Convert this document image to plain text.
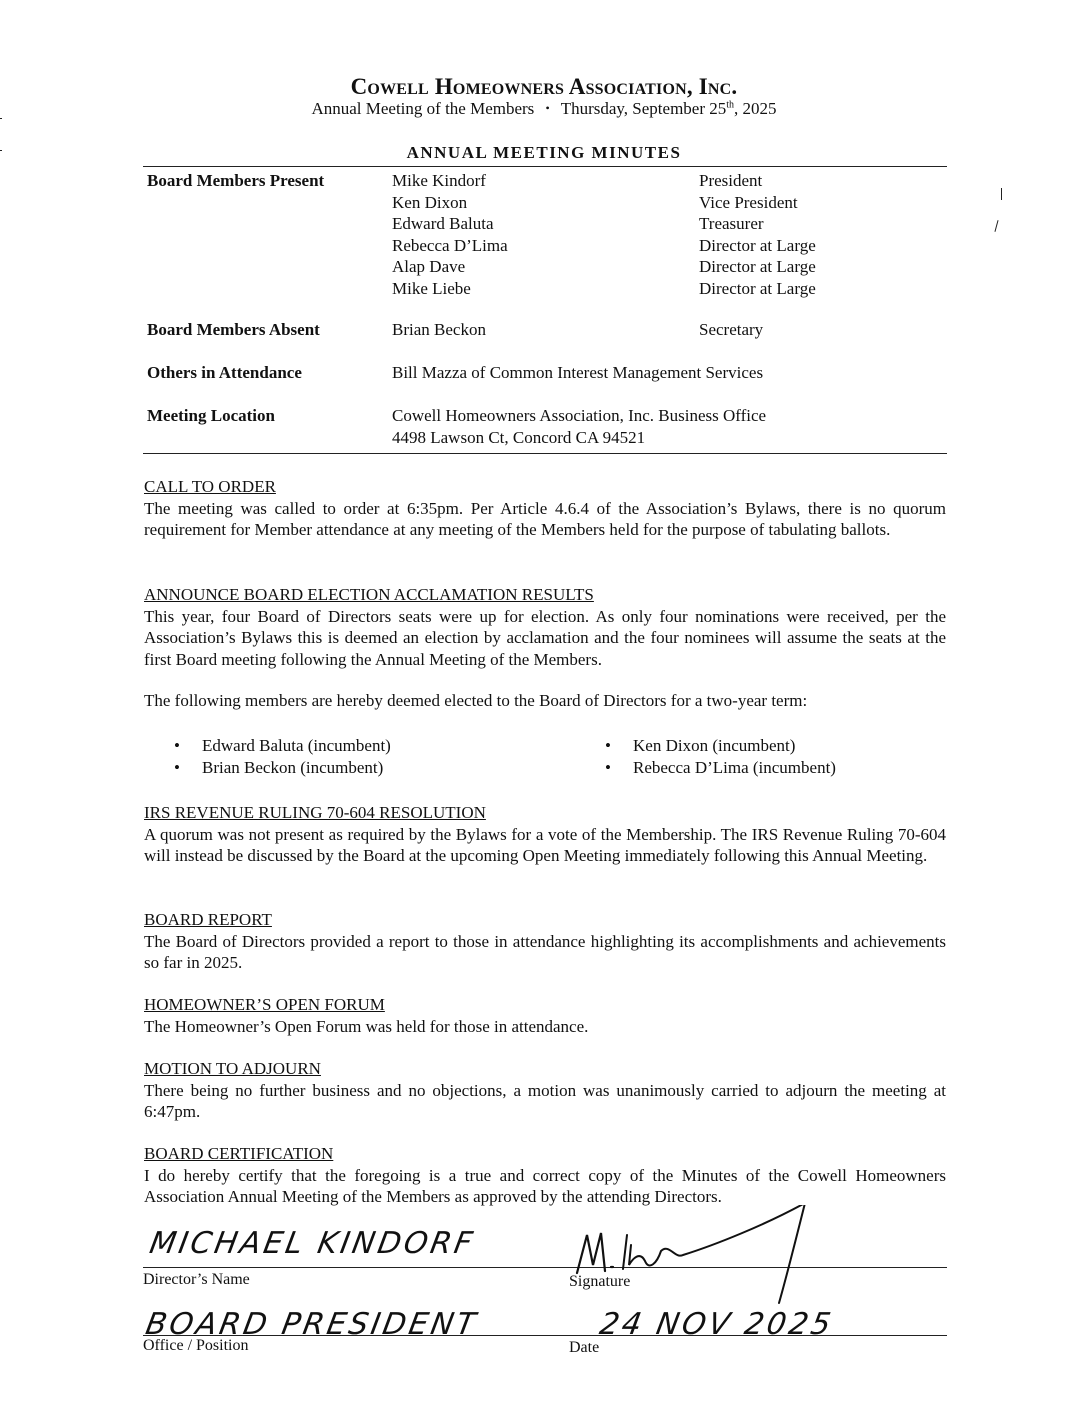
Cowell Homeowners Association, Inc.
Annual Meeting of the Members • Thursday, September 25th, 2025
ANNUAL MEETING MINUTES
Board Members Present	Mike Kindorf	President
Ken Dixon	Vice President
Edward Baluta	Treasurer
Rebecca D’Lima	Director at Large
Alap Dave	Director at Large
Mike Liebe	Director at Large
Board Members Absent	Brian Beckon	Secretary
Others in Attendance	Bill Mazza of Common Interest Management Services
Meeting Location	Cowell Homeowners Association, Inc. Business Office
4498 Lawson Ct, Concord CA 94521
CALL TO ORDER

The meeting was called to order at 6:35pm. Per Article 4.6.4 of the Association’s Bylaws, there is no quorum requirement for Member attendance at any meeting of the Members held for the purpose of tabulating ballots.

ANNOUNCE BOARD ELECTION ACCLAMATION RESULTS

This year, four Board of Directors seats were up for election. As only four nominations were received, per the Association’s Bylaws this is deemed an election by acclamation and the four nominees will assume the seats at the first Board meeting following the Annual Meeting of the Members.

The following members are hereby deemed elected to the Board of Directors for a two-year term:

• Edward Baluta (incumbent)
• Brian Beckon (incumbent)
• Ken Dixon (incumbent)
• Rebecca D’Lima (incumbent)
IRS REVENUE RULING 70-604 RESOLUTION

A quorum was not present as required by the Bylaws for a vote of the Membership. The IRS Revenue Ruling 70-604 will instead be discussed by the Board at the upcoming Open Meeting immediately following this Annual Meeting.

BOARD REPORT

The Board of Directors provided a report to those in attendance highlighting its accomplishments and achievements so far in 2025.

HOMEOWNER’S OPEN FORUM

The Homeowner’s Open Forum was held for those in attendance.

MOTION TO ADJOURN

There being no further business and no objections, a motion was unanimously carried to adjourn the meeting at 6:47pm.

BOARD CERTIFICATION

I do hereby certify that the foregoing is a true and correct copy of the Minutes of the Cowell Homeowners Association Annual Meeting of the Members as approved by the attending Directors.

MICHAEL KINDORF
Director’s Name	Signature
BOARD PRESIDENT	24 NOV 2025
Office / Position	Date
